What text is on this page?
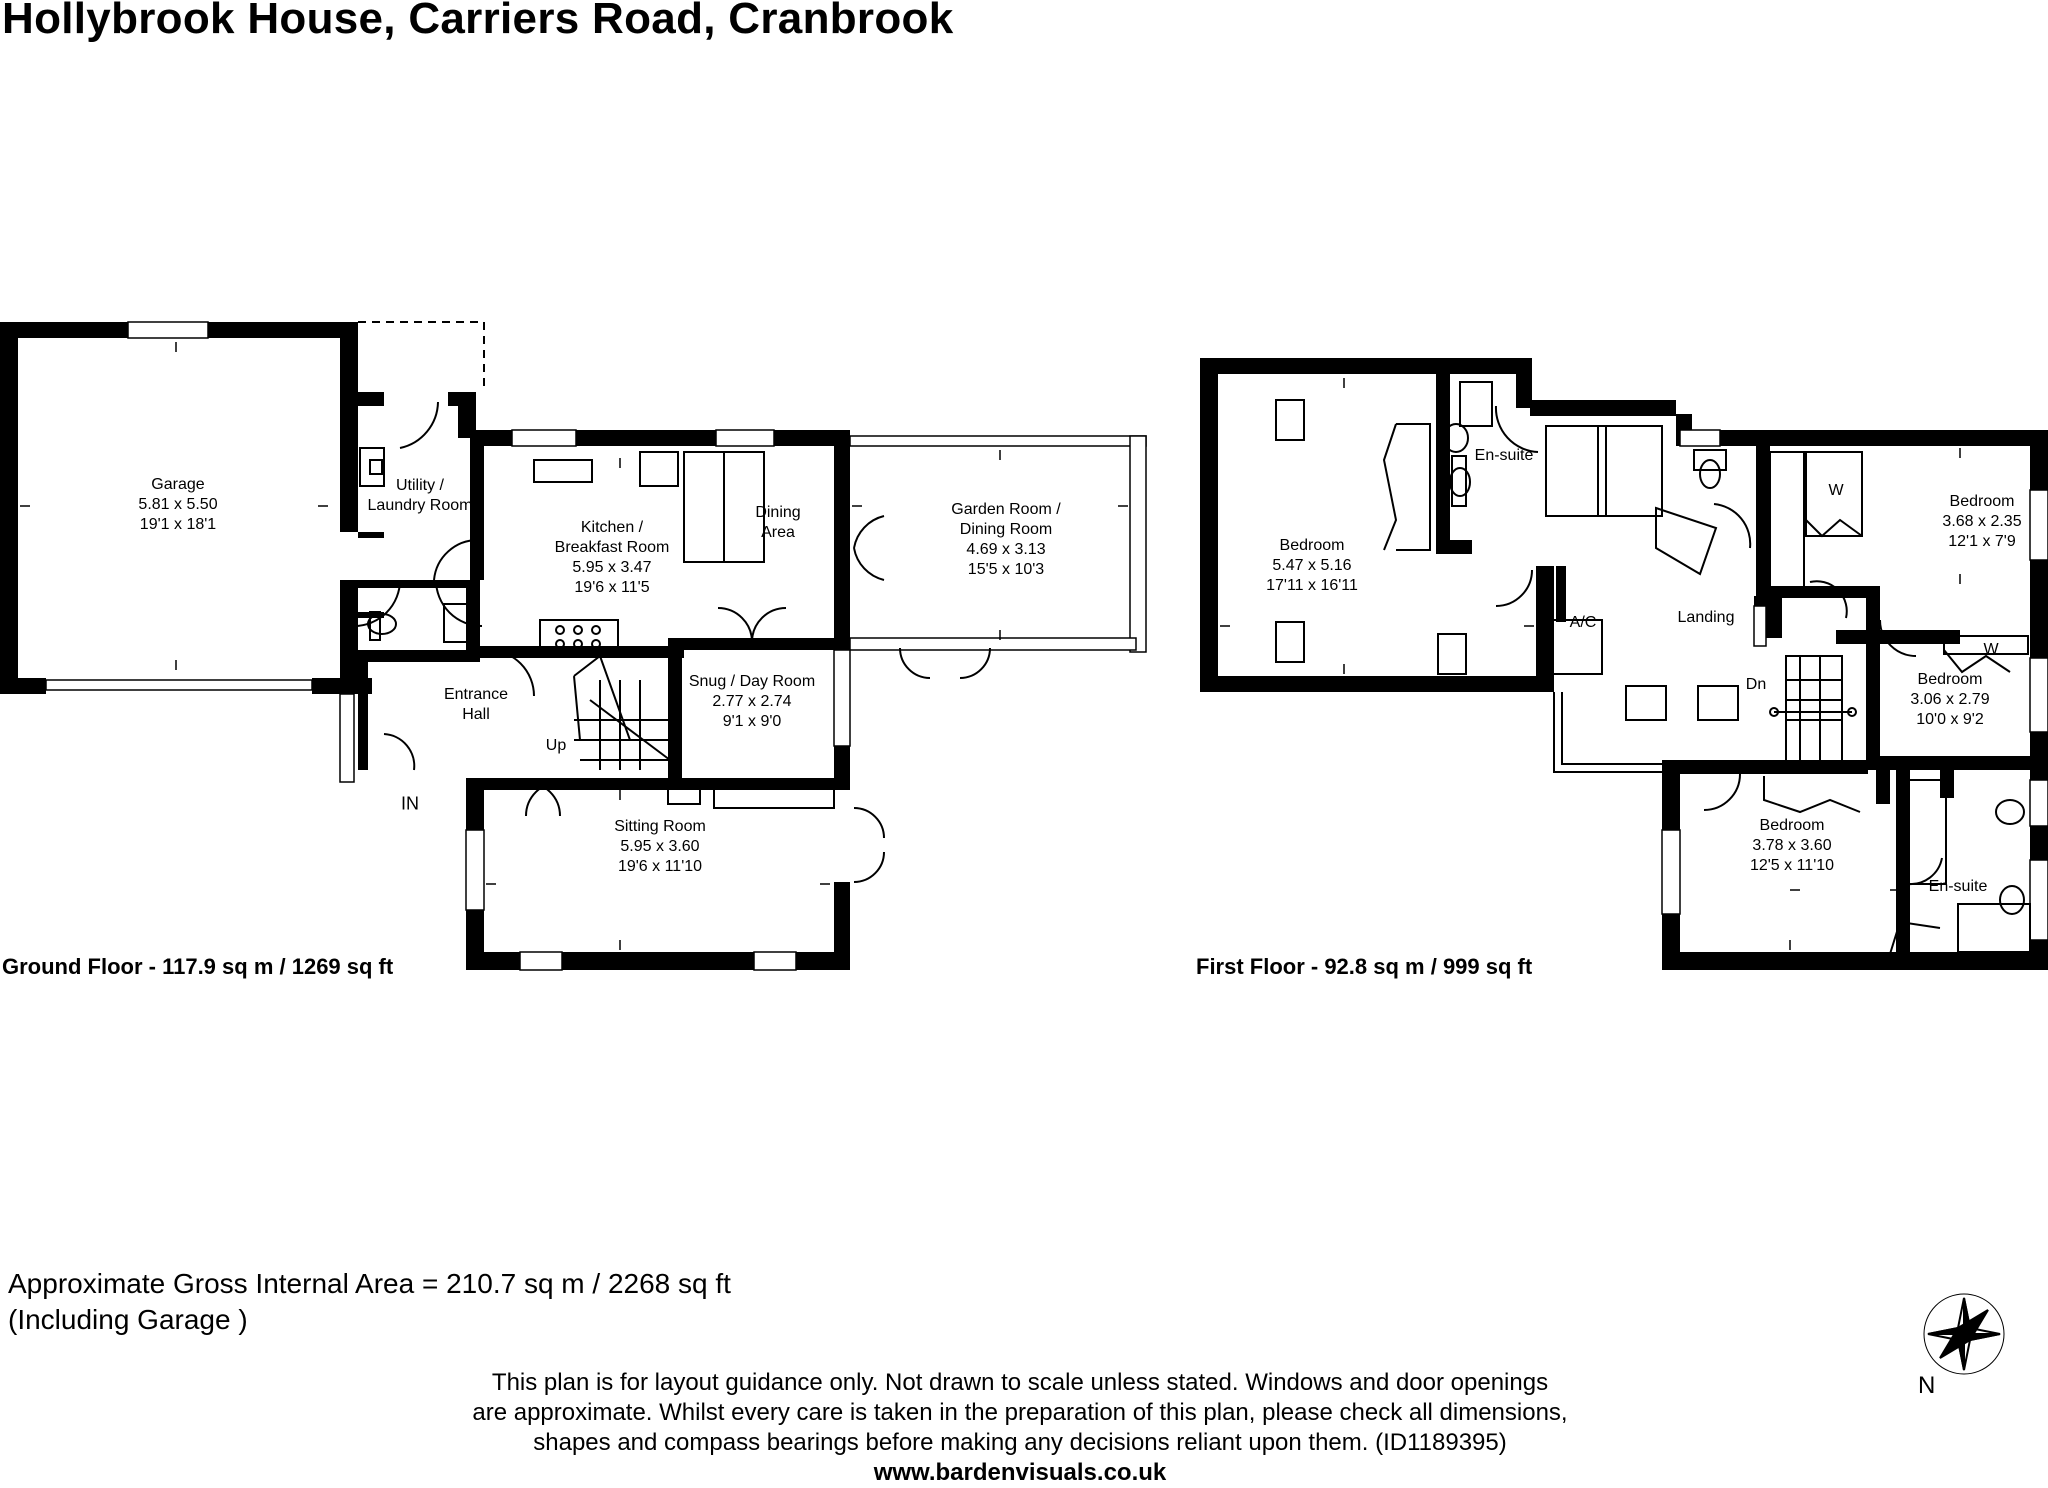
Hollybrook House, Carriers Road, Cranbrook
Garage
5.81 x 5.50
19'1 x 18'1
Utility /
Laundry Room
Kitchen /
Breakfast Room
5.95 x 3.47
19'6 x 11'5
Dining
Area
Garden Room /
Dining Room
4.69 x 3.13
15'5 x 10'3
Entrance
Hall
Snug / Day Room
2.77 x 2.74
9'1 x 9'0
Sitting Room
5.95 x 3.60
19'6 x 11'10
Up
IN
Bedroom
5.47 x 5.16
17'11 x 16'11
En-suite
Bedroom
3.68 x 2.35
12'1 x 7'9
Bedroom
3.06 x 2.79
10'0 x 9'2
Bedroom
3.78 x 3.60
12'5 x 11'10
En-suite
Landing
A/C
Dn
W
W
Ground Floor - 117.9 sq m / 1269 sq ft	First Floor - 92.8 sq m / 999 sq ft
Approximate Gross Internal Area = 210.7 sq m / 2268 sq ft
(Including Garage )
This plan is for layout guidance only. Not drawn to scale unless stated. Windows and door openings
are approximate. Whilst every care is taken in the preparation of this plan, please check all dimensions,
shapes and compass bearings before making any decisions reliant upon them. (ID1189395)
www.bardenvisuals.co.uk
N
